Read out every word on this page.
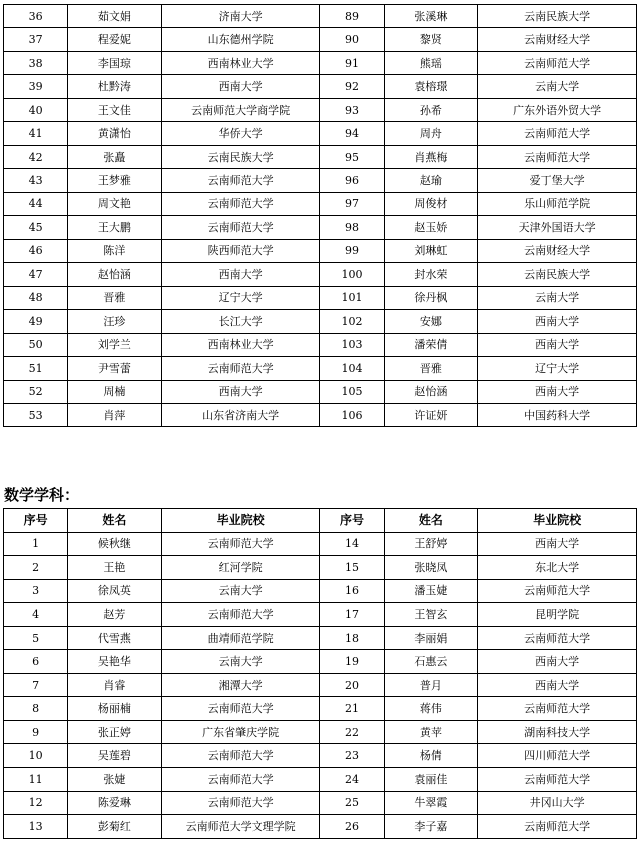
36	茹文娟	济南大学	89	张溪琳	云南民族大学
37	程爱妮	山东德州学院	90	黎贤	云南财经大学
38	李国琼	西南林业大学	91	熊瑶	云南师范大学
39	杜黔涛	西南大学	92	袁榕璟	云南大学
40	王文佳	云南师范大学商学院	93	孙希	广东外语外贸大学
41	黄潇怡	华侨大学	94	周舟	云南师范大学
42	张矗	云南民族大学	95	肖燕梅	云南师范大学
43	王梦雅	云南师范大学	96	赵瑜	爱丁堡大学
44	周文艳	云南师范大学	97	周俊材	乐山师范学院
45	王大鹏	云南师范大学	98	赵玉娇	天津外国语大学
46	陈洋	陕西师范大学	99	刘琳虹	云南财经大学
47	赵怡涵	西南大学	100	封水荣	云南民族大学
48	晋雅	辽宁大学	101	徐丹枫	云南大学
49	汪珍	长江大学	102	安娜	西南大学
50	刘学兰	西南林业大学	103	潘荣倩	西南大学
51	尹雪蕾	云南师范大学	104	晋雅	辽宁大学
52	周楠	西南大学	105	赵怡涵	西南大学
53	肖萍	山东省济南大学	106	许证妍	中国药科大学
数学学科：
序号	姓名	毕业院校	序号	姓名	毕业院校
1	候秋继	云南师范大学	14	王舒婷	西南大学
2	王艳	红河学院	15	张晓凤	东北大学
3	徐凤英	云南大学	16	潘玉婕	云南师范大学
4	赵芳	云南师范大学	17	王智玄	昆明学院
5	代雪燕	曲靖师范学院	18	李丽娟	云南师范大学
6	吴艳华	云南大学	19	石惠云	西南大学
7	肖睿	湘潭大学	20	普月	西南大学
8	杨丽楠	云南师范大学	21	蒋伟	云南师范大学
9	张正婷	广东省肇庆学院	22	黄苹	湖南科技大学
10	吴莲碧	云南师范大学	23	杨倩	四川师范大学
11	张婕	云南师范大学	24	袁丽佳	云南师范大学
12	陈爱琳	云南师范大学	25	牛翠霞	井冈山大学
13	彭菊红	云南师范大学文理学院	26	李子嘉	云南师范大学
